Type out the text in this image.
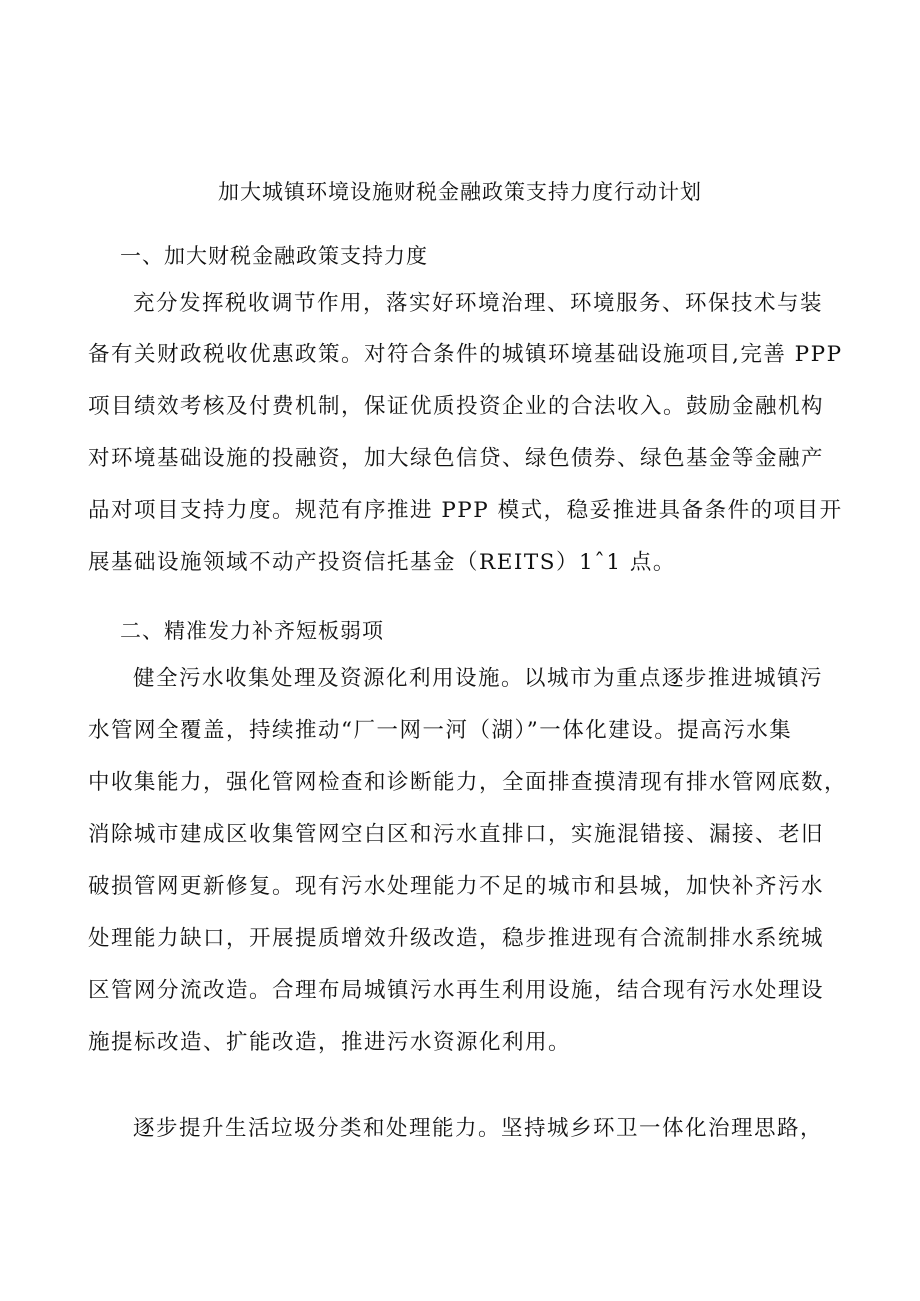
加大城镇环境设施财税金融政策支持力度行动计划
一、加大财税金融政策支持力度
充分发挥税收调节作用，落实好环境治理、环境服务、环保技术与装
备有关财政税收优惠政策。对符合条件的城镇环境基础设施项目,完善 PPP
项目绩效考核及付费机制，保证优质投资企业的合法收入。鼓励金融机构
对环境基础设施的投融资，加大绿色信贷、绿色债券、绿色基金等金融产
品对项目支持力度。规范有序推进 PPP 模式，稳妥推进具备条件的项目开
展基础设施领域不动产投资信托基金（REITS）1ˆ1 点。
二、精准发力补齐短板弱项
健全污水收集处理及资源化利用设施。以城市为重点逐步推进城镇污
水管网全覆盖，持续推动“厂一网一河（湖）”一体化建设。提高污水集
中收集能力，强化管网检查和诊断能力，全面排查摸清现有排水管网底数，
消除城市建成区收集管网空白区和污水直排口，实施混错接、漏接、老旧
破损管网更新修复。现有污水处理能力不足的城市和县城，加快补齐污水
处理能力缺口，开展提质增效升级改造，稳步推进现有合流制排水系统城
区管网分流改造。合理布局城镇污水再生利用设施，结合现有污水处理设
施提标改造、扩能改造，推进污水资源化利用。
逐步提升生活垃圾分类和处理能力。坚持城乡环卫一体化治理思路，
